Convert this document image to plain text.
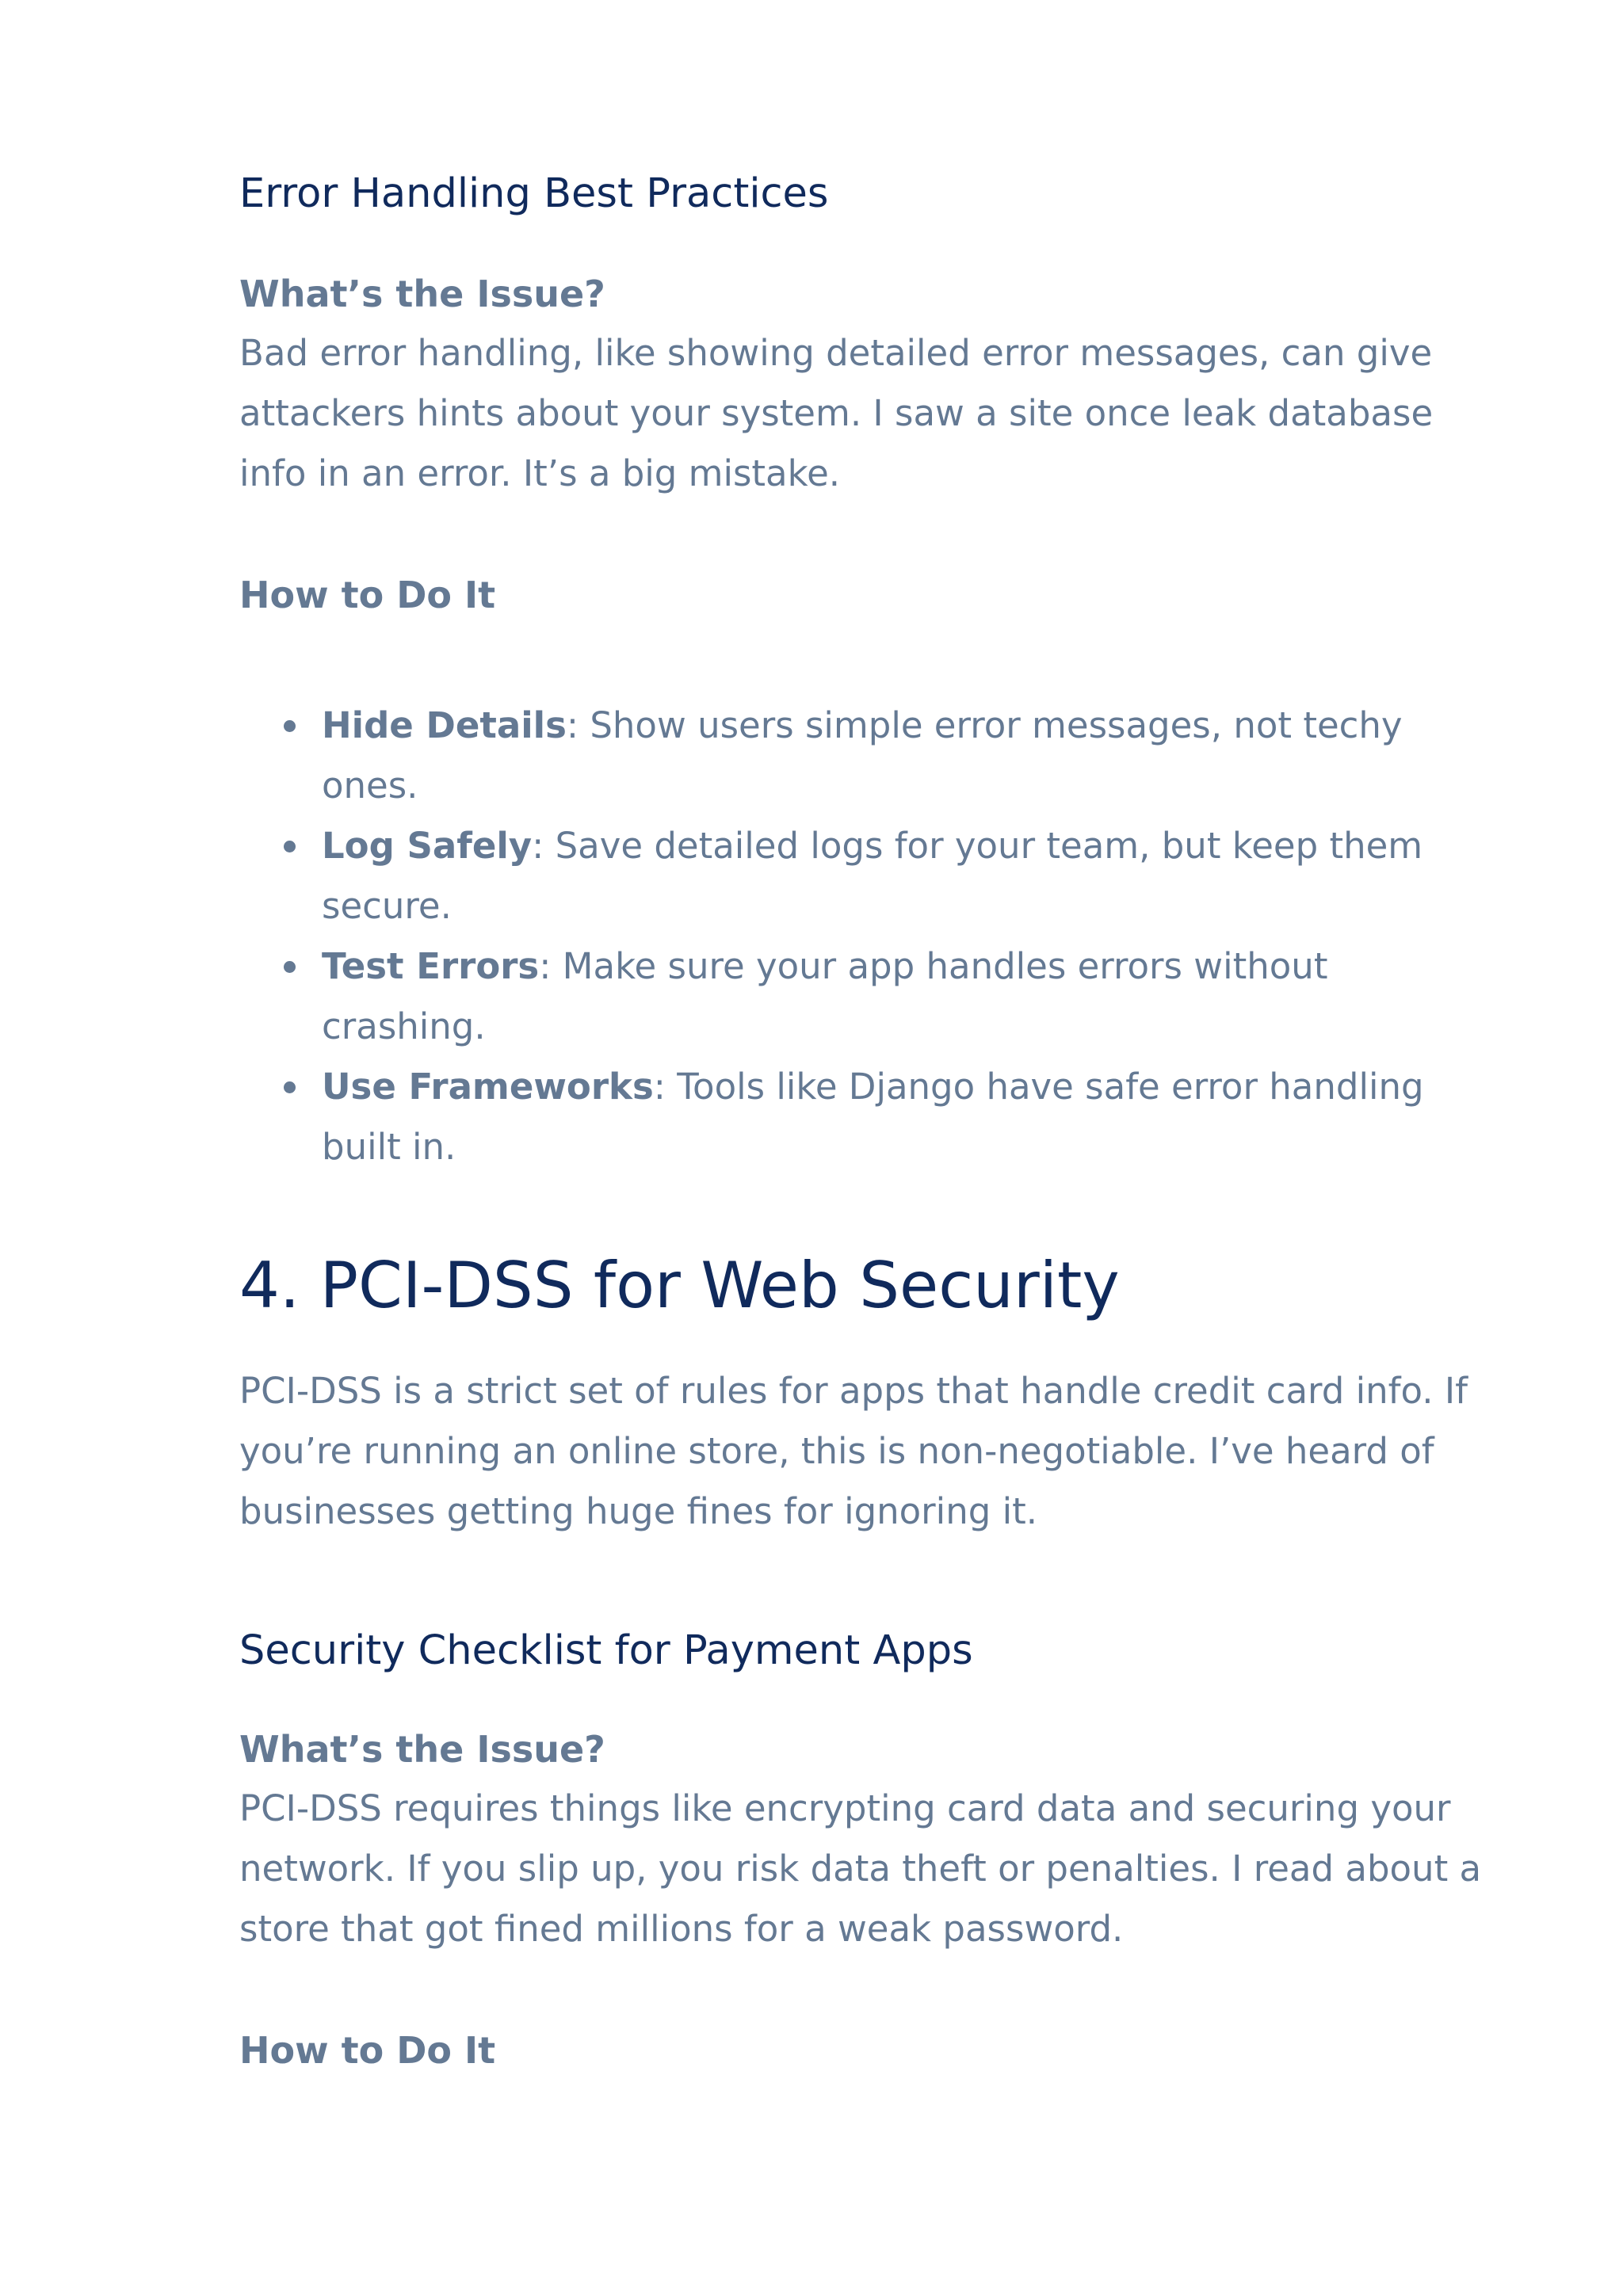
Error Handling Best Practices
What’s the Issue?

Bad error handling, like showing detailed error messages, can give
attackers hints about your system. I saw a site once leak database
info in an error. It’s a big mistake.

How to Do It
Hide Details: Show users simple error messages, not techy
ones.
Log Safely: Save detailed logs for your team, but keep them
secure.
Test Errors: Make sure your app handles errors without
crashing.
Use Frameworks: Tools like Django have safe error handling
built in.
4. PCI-DSS for Web Security

PCI-DSS is a strict set of rules for apps that handle credit card info. If
you’re running an online store, this is non-negotiable. I’ve heard of
businesses getting huge fines for ignoring it.

Security Checklist for Payment Apps
What’s the Issue?

PCI-DSS requires things like encrypting card data and securing your
network. If you slip up, you risk data theft or penalties. I read about a
store that got fined millions for a weak password.

How to Do It
